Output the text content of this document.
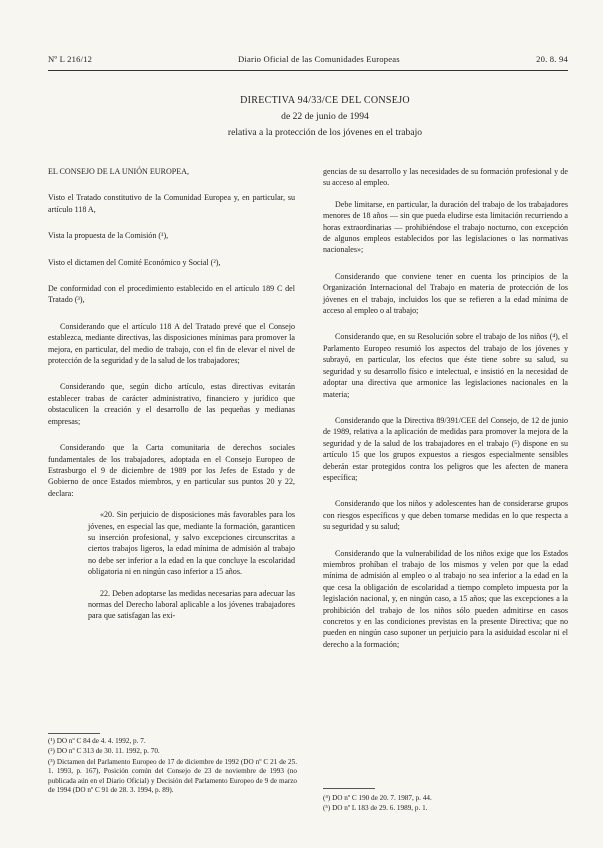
Nº L 216/12	Diario Oficial de las Comunidades Europeas	20. 8. 94
DIRECTIVA 94/33/CE DEL CONSEJO
de 22 de junio de 1994
relativa a la protección de los jóvenes en el trabajo

EL CONSEJO DE LA UNIÓN EUROPEA,

Visto el Tratado constitutivo de la Comunidad Europea y, en particular, su artículo 118 A,

Vista la propuesta de la Comisión (¹),

Visto el dictamen del Comité Económico y Social (²),

De conformidad con el procedimiento establecido en el artículo 189 C del Tratado (³),

Considerando que el artículo 118 A del Tratado prevé que el Consejo establezca, mediante directivas, las disposiciones mínimas para promover la mejora, en particular, del medio de trabajo, con el fin de elevar el nivel de protección de la seguridad y de la salud de los trabajadores;

Considerando que, según dicho artículo, estas directivas evitarán establecer trabas de carácter administrativo, financiero y jurídico que obstaculicen la creación y el desarrollo de las pequeñas y medianas empresas;

Considerando que la Carta comunitaria de derechos sociales fundamentales de los trabajadores, adoptada en el Consejo Europeo de Estrasburgo el 9 de diciembre de 1989 por los Jefes de Estado y de Gobierno de once Estados miembros, y en particular sus puntos 20 y 22, declara:

«20. Sin perjuicio de disposiciones más favorables para los jóvenes, en especial las que, mediante la formación, garanticen su inserción profesional, y salvo excepciones circunscritas a ciertos trabajos ligeros, la edad mínima de admisión al trabajo no debe ser inferior a la edad en la que concluye la escolaridad obligatoria ni en ningún caso inferior a 15 años.

22. Deben adoptarse las medidas necesarias para adecuar las normas del Derecho laboral aplicable a los jóvenes trabajadores para que satisfagan las exi-

gencias de su desarrollo y las necesidades de su formación profesional y de su acceso al empleo.

Debe limitarse, en particular, la duración del trabajo de los trabajadores menores de 18 años — sin que pueda eludirse esta limitación recurriendo a horas extraordinarias — prohibiéndose el trabajo nocturno, con excepción de algunos empleos establecidos por las legislaciones o las normativas nacionales»;

Considerando que conviene tener en cuenta los principios de la Organización Internacional del Trabajo en materia de protección de los jóvenes en el trabajo, incluidos los que se refieren a la edad mínima de acceso al empleo o al trabajo;

Considerando que, en su Resolución sobre el trabajo de los niños (⁴), el Parlamento Europeo resumió los aspectos del trabajo de los jóvenes y subrayó, en particular, los efectos que éste tiene sobre su salud, su seguridad y su desarrollo físico e intelectual, e insistió en la necesidad de adoptar una directiva que armonice las legislaciones nacionales en la materia;

Considerando que la Directiva 89/391/CEE del Consejo, de 12 de junio de 1989, relativa a la aplicación de medidas para promover la mejora de la seguridad y de la salud de los trabajadores en el trabajo (⁵) dispone en su artículo 15 que los grupos expuestos a riesgos especialmente sensibles deberán estar protegidos contra los peligros que les afecten de manera específica;

Considerando que los niños y adolescentes han de considerarse grupos con riesgos específicos y que deben tomarse medidas en lo que respecta a su seguridad y su salud;

Considerando que la vulnerabilidad de los niños exige que los Estados miembros prohíban el trabajo de los mismos y velen por que la edad mínima de admisión al empleo o al trabajo no sea inferior a la edad en la que cesa la obligación de escolaridad a tiempo completo impuesta por la legislación nacional, y, en ningún caso, a 15 años; que las excepciones a la prohibición del trabajo de los niños sólo pueden admitirse en casos concretos y en las condiciones previstas en la presente Directiva; que no pueden en ningún caso suponer un perjuicio para la asiduidad escolar ni el derecho a la formación;

(¹) DO nº C 84 de 4. 4. 1992, p. 7.
(²) DO nº C 313 de 30. 11. 1992, p. 70.
(³) Dictamen del Parlamento Europeo de 17 de diciembre de 1992 (DO nº C 21 de 25. 1. 1993, p. 167), Posición común del Consejo de 23 de noviembre de 1993 (no publicada aún en el Diario Oficial) y Decisión del Parlamento Europeo de 9 de marzo de 1994 (DO nº C 91 de 28. 3. 1994, p. 89).
(⁴) DO nº C 190 de 20. 7. 1987, p. 44.
(⁵) DO nº L 183 de 29. 6. 1989, p. 1.
